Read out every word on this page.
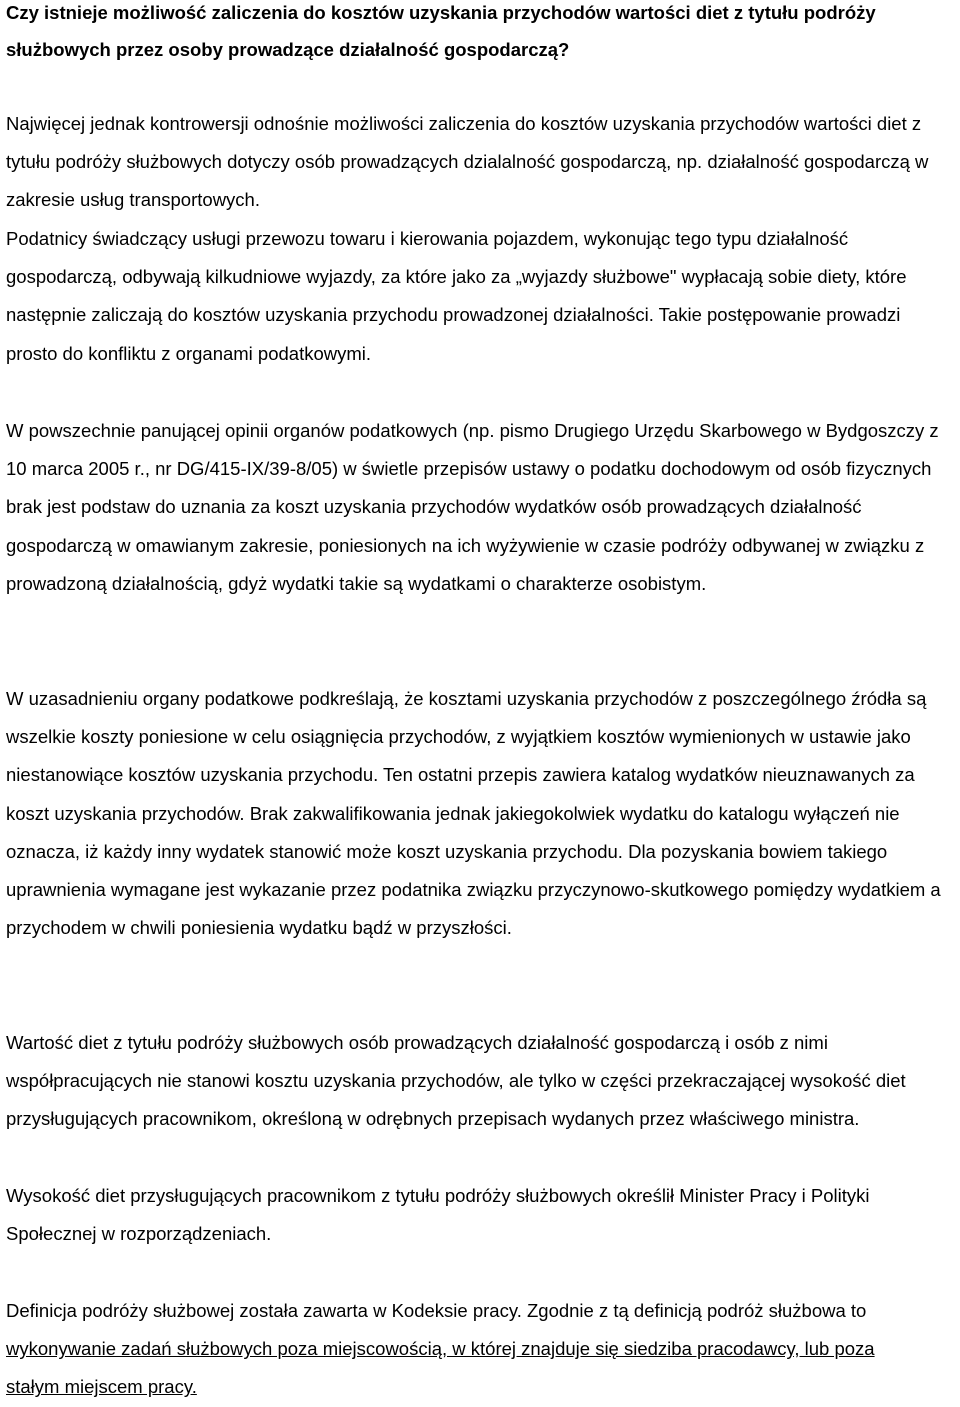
Czy istnieje możliwość zaliczenia do kosztów uzyskania przychodów wartości diet z tytułu podróży służbowych przez osoby prowadzące działalność gospodarczą?

Najwięcej jednak kontrowersji odnośnie możliwości zaliczenia do kosztów uzyskania przychodów wartości diet z tytułu podróży służbowych dotyczy osób prowadzących dzialalność gospodarczą, np. działalność gospodarczą w zakresie usług transportowych.

Podatnicy świadczący usługi przewozu towaru i kierowania pojazdem, wykonując tego typu działalność gospodarczą, odbywają kilkudniowe wyjazdy, za które jako za „wyjazdy służbowe" wypłacają sobie diety, które następnie zaliczają do kosztów uzyskania przychodu prowadzonej działalności. Takie postępowanie prowadzi prosto do konfliktu z organami podatkowymi.

W powszechnie panującej opinii organów podatkowych (np. pismo Drugiego Urzędu Skarbowego w Bydgoszczy z 10 marca 2005 r., nr DG/415-IX/39-8/05) w świetle przepisów ustawy o podatku dochodowym od osób fizycznych brak jest podstaw do uznania za koszt uzyskania przychodów wydatków osób prowadzących działalność gospodarczą w omawianym zakresie, poniesionych na ich wyżywienie w czasie podróży odbywanej w związku z prowadzoną działalnością, gdyż wydatki takie są wydatkami o charakterze osobistym.

W uzasadnieniu organy podatkowe podkreślają, że kosztami uzyskania przychodów z poszczególnego źródła są wszelkie koszty poniesione w celu osiągnięcia przychodów, z wyjątkiem kosztów wymienionych w ustawie jako niestanowiące kosztów uzyskania przychodu. Ten ostatni przepis zawiera katalog wydatków nieuznawanych za koszt uzyskania przychodów. Brak zakwalifikowania jednak jakiegokolwiek wydatku do katalogu wyłączeń nie oznacza, iż każdy inny wydatek stanowić może koszt uzyskania przychodu. Dla pozyskania bowiem takiego uprawnienia wymagane jest wykazanie przez podatnika związku przyczynowo-skutkowego pomiędzy wydatkiem a przychodem w chwili poniesienia wydatku bądź w przyszłości.

Wartość diet z tytułu podróży służbowych osób prowadzących działalność gospodarczą i osób z nimi współpracujących nie stanowi kosztu uzyskania przychodów, ale tylko w części przekraczającej wysokość diet przysługujących pracownikom, określoną w odrębnych przepisach wydanych przez właściwego ministra.

Wysokość diet przysługujących pracownikom z tytułu podróży służbowych określił Minister Pracy i Polityki Społecznej w rozporządzeniach.

Definicja podróży służbowej została zawarta w Kodeksie pracy. Zgodnie z tą definicją podróż służbowa to wykonywanie zadań służbowych poza miejscowością, w której znajduje się siedziba pracodawcy, lub poza stałym miejscem pracy.
